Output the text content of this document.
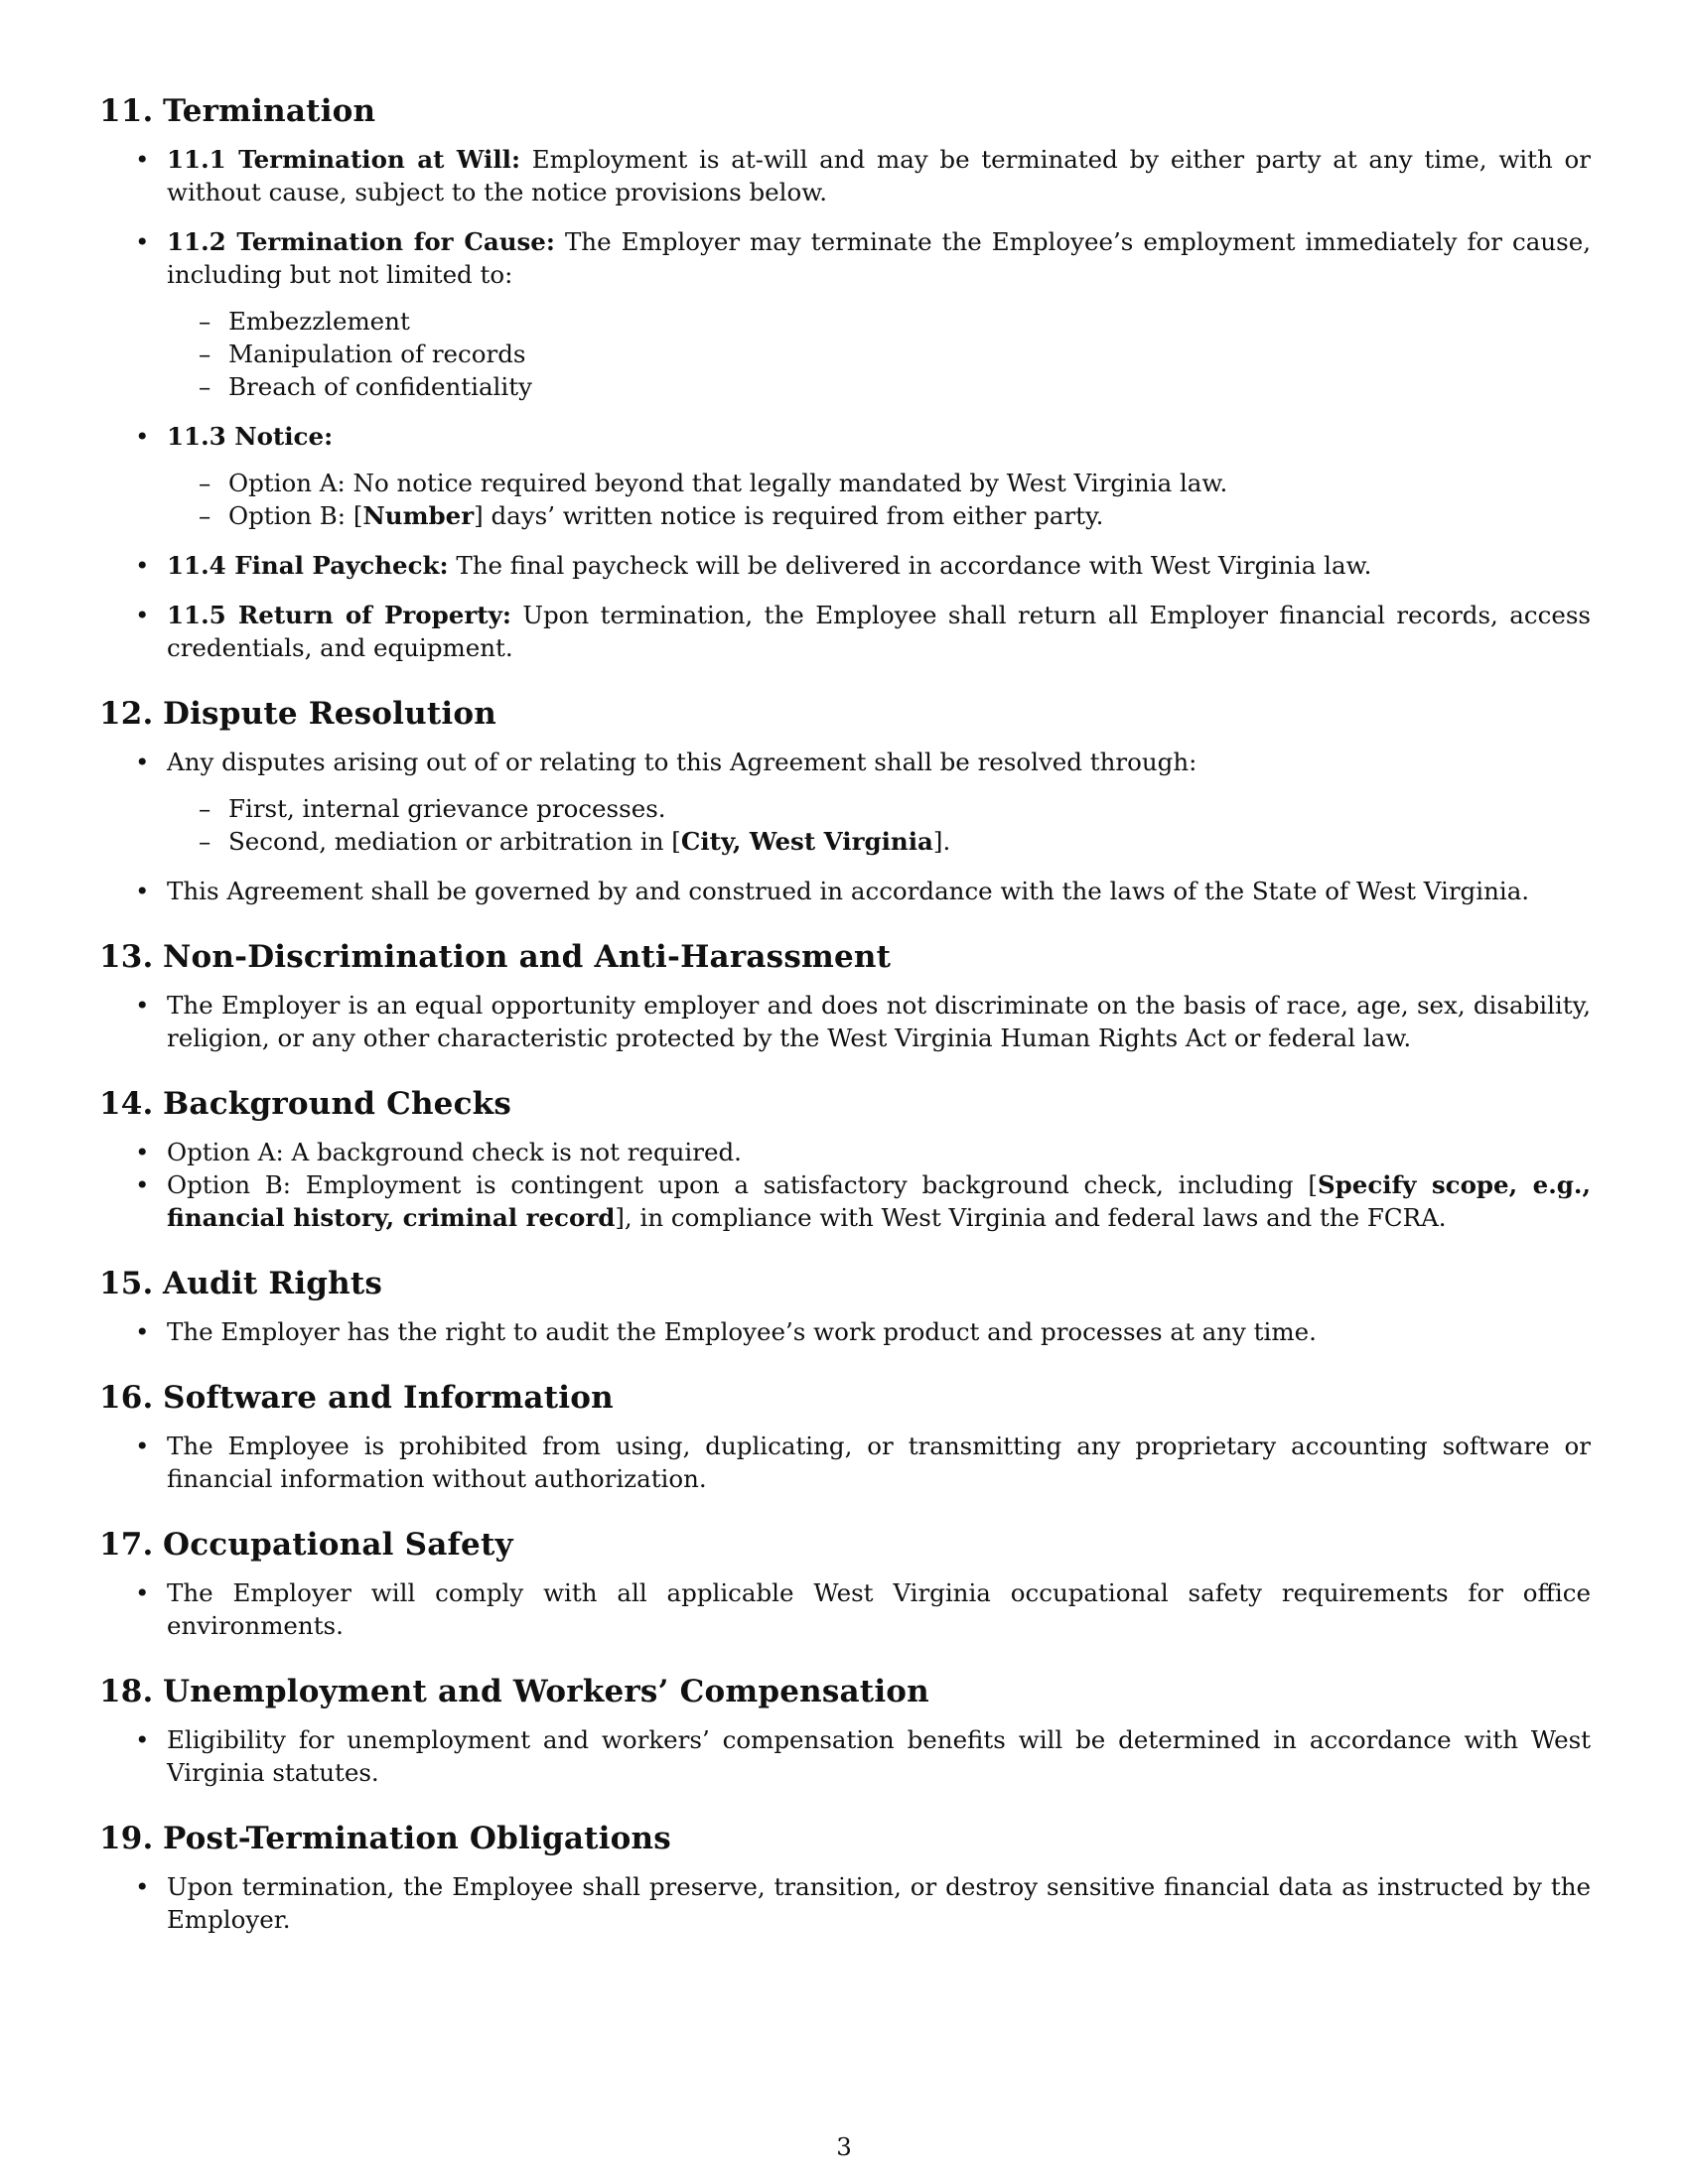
11. Termination
• 11.1 Termination at Will: Employment is at-will and may be terminated by either party at any time, with or without cause, subject to the notice provisions below.
• 11.2 Termination for Cause: The Employer may terminate the Employee’s employment immediately for cause, including but not limited to:
– Embezzlement
– Manipulation of records
– Breach of confidentiality
• 11.3 Notice:
– Option A: No notice required beyond that legally mandated by West Virginia law.
– Option B: [Number] days’ written notice is required from either party.
• 11.4 Final Paycheck: The final paycheck will be delivered in accordance with West Virginia law.
• 11.5 Return of Property: Upon termination, the Employee shall return all Employer financial records, access credentials, and equipment.
12. Dispute Resolution
• Any disputes arising out of or relating to this Agreement shall be resolved through:
– First, internal grievance processes.
– Second, mediation or arbitration in [City, West Virginia].
• This Agreement shall be governed by and construed in accordance with the laws of the State of West Virginia.
13. Non-Discrimination and Anti-Harassment
• The Employer is an equal opportunity employer and does not discriminate on the basis of race, age, sex, disability, religion, or any other characteristic protected by the West Virginia Human Rights Act or federal law.
14. Background Checks
• Option A: A background check is not required.
• Option B: Employment is contingent upon a satisfactory background check, including [Specify scope, e.g., financial history, criminal record], in compliance with West Virginia and federal laws and the FCRA.
15. Audit Rights
• The Employer has the right to audit the Employee’s work product and processes at any time.
16. Software and Information
• The Employee is prohibited from using, duplicating, or transmitting any proprietary accounting software or financial information without authorization.
17. Occupational Safety
• The Employer will comply with all applicable West Virginia occupational safety requirements for office environments.
18. Unemployment and Workers’ Compensation
• Eligibility for unemployment and workers’ compensation benefits will be determined in accordance with West Virginia statutes.
19. Post-Termination Obligations
• Upon termination, the Employee shall preserve, transition, or destroy sensitive financial data as instructed by the Employer.
3
